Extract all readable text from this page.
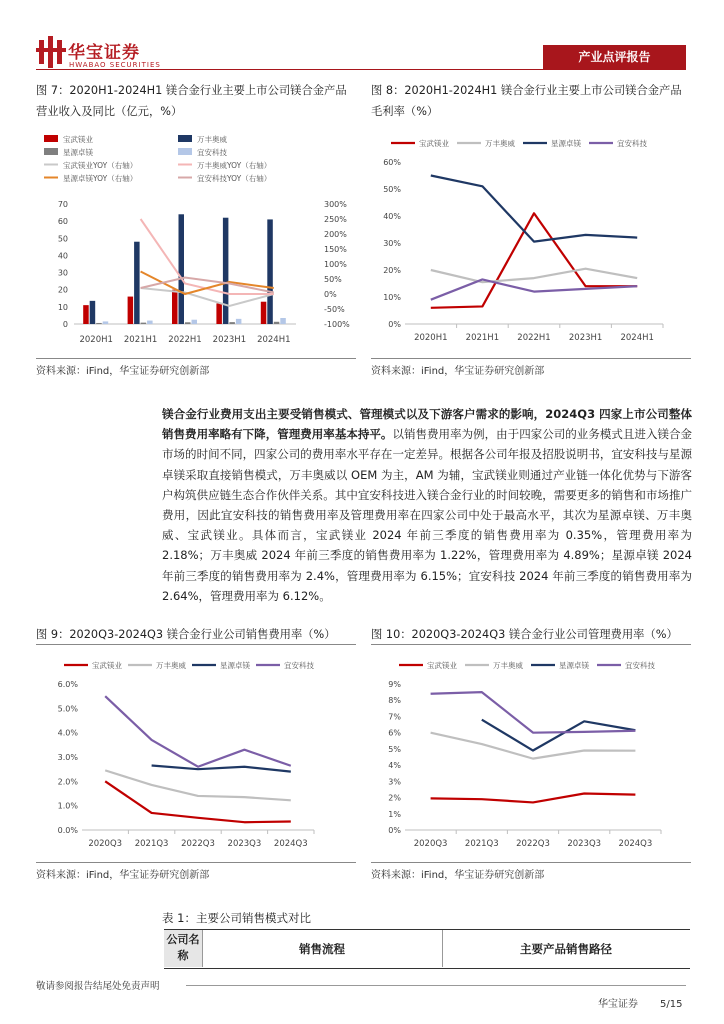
华宝证券
HWABAO SECURITIES
产业点评报告
图 7：2020H1-2024H1 镁合金行业主要上市公司镁合金产品营业收入及同比（亿元，%）
宝武镁业	万丰奥威
星源卓镁	宜安科技
宝武镁业YOY（右轴）	万丰奥威YOY（右轴）
星源卓镁YOY（右轴）	宜安科技YOY（右轴）
0
10
20
30
40
50
60
70
-100%
-50%
0%
50%
100%
150%
200%
250%
300%
2020H1 2021H1 2022H1 2023H1 2024H1
资料来源：iFind，华宝证券研究创新部
图 8：2020H1-2024H1 镁合金行业主要上市公司镁合金产品毛利率（%）
宝武镁业	万丰奥威	星源卓镁	宜安科技
0%
10%
20%
30%
40%
50%
60%
2020H1 2021H1 2022H1 2023H1 2024H1
资料来源：iFind，华宝证券研究创新部
镁合金行业费用支出主要受销售模式、管理模式以及下游客户需求的影响，2024Q3 四家上市公司整体销售费用率略有下降，管理费用率基本持平。以销售费用率为例，由于四家公司的业务模式且进入镁合金市场的时间不同，四家公司的费用率水平存在一定差异。根据各公司年报及招股说明书，宜安科技与星源卓镁采取直接销售模式，万丰奥威以 OEM 为主，AM 为辅，宝武镁业则通过产业链一体化优势与下游客户构筑供应链生态合作伙伴关系。其中宜安科技进入镁合金行业的时间较晚，需要更多的销售和市场推广费用，因此宜安科技的销售费用率及管理费用率在四家公司中处于最高水平，其次为星源卓镁、万丰奥威、宝武镁业。具体而言，宝武镁业 2024 年前三季度的销售费用率为 0.35%，管理费用率为 2.18%；万丰奥威 2024 年前三季度的销售费用率为 1.22%，管理费用率为 4.89%；星源卓镁 2024 年前三季度的销售费用率为 2.4%，管理费用率为 6.15%；宜安科技 2024 年前三季度的销售费用率为 2.64%，管理费用率为 6.12%。
图 9：2020Q3-2024Q3 镁合金行业公司销售费用率（%）
宝武镁业	万丰奥威	星源卓镁	宜安科技
0.0%
1.0%
2.0%
3.0%
4.0%
5.0%
6.0%
2020Q3 2021Q3 2022Q3 2023Q3 2024Q3
资料来源：iFind，华宝证券研究创新部
图 10：2020Q3-2024Q3 镁合金行业公司管理费用率（%）
宝武镁业	万丰奥威	星源卓镁	宜安科技
0%
1%
2%
3%
4%
5%
6%
7%
8%
9%
2020Q3 2021Q3 2022Q3 2023Q3 2024Q3
资料来源：iFind，华宝证券研究创新部
表 1：主要公司销售模式对比
公司名称	销售流程	主要产品销售路径
敬请参阅报告结尾处免责声明
华宝证券 5/15
